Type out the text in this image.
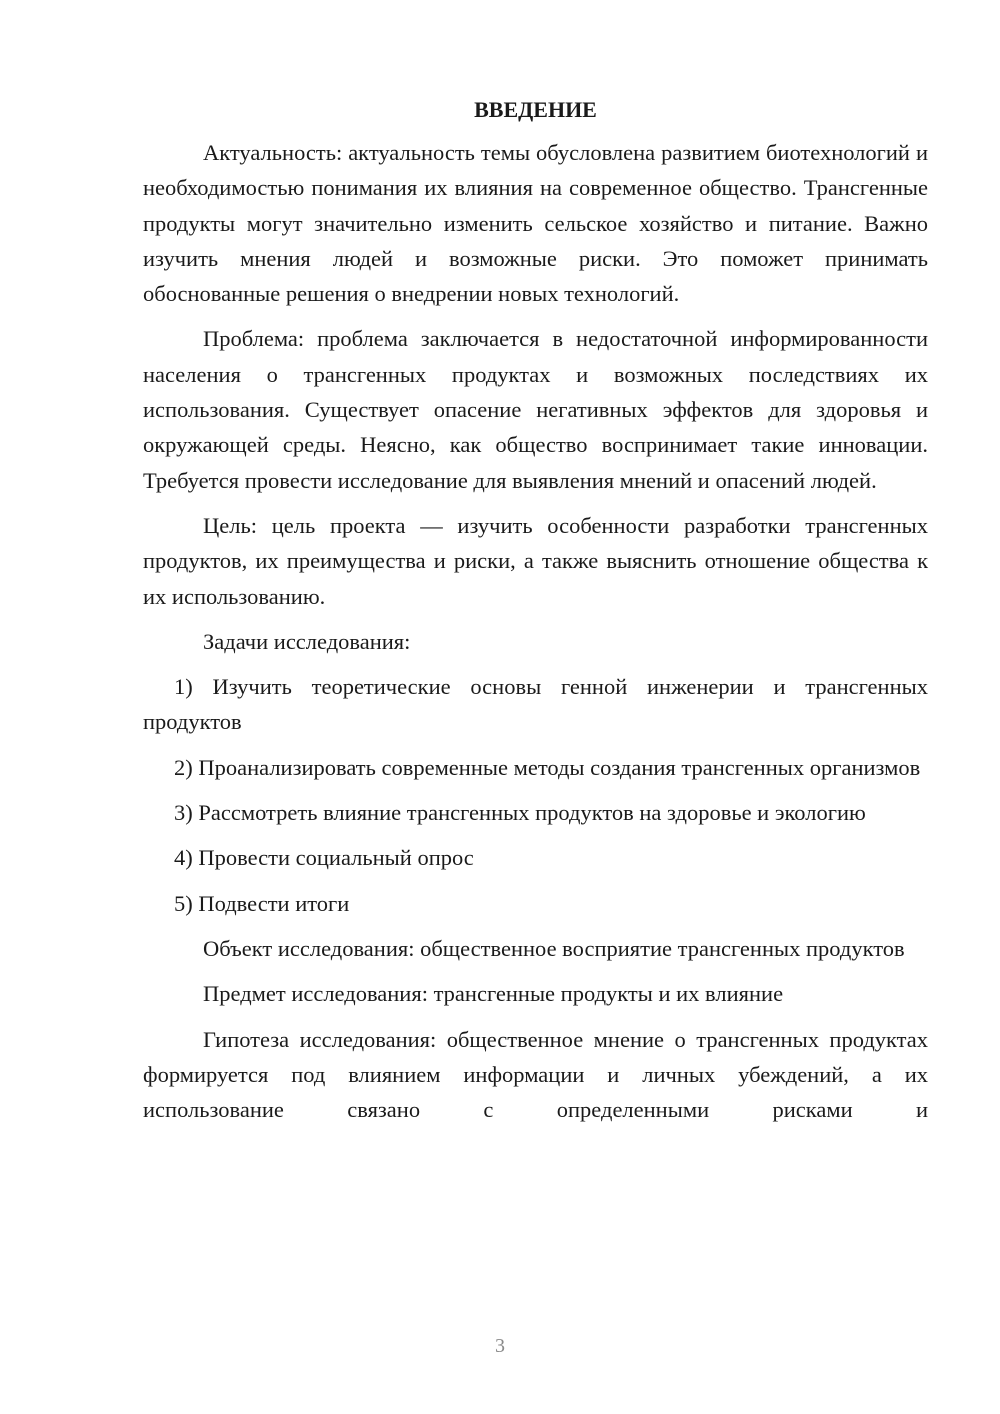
ВВЕДЕНИЕ

Актуальность: актуальность темы обусловлена развитием биотехнологий и необходимостью понимания их влияния на современное общество. Трансгенные продукты могут значительно изменить сельское хозяйство и питание. Важно изучить мнения людей и возможные риски. Это поможет принимать обоснованные решения о внедрении новых технологий.

Проблема: проблема заключается в недостаточной информированности населения о трансгенных продуктах и возможных последствиях их использования. Существует опасение негативных эффектов для здоровья и окружающей среды. Неясно, как общество воспринимает такие инновации. Требуется провести исследование для выявления мнений и опасений людей.

Цель: цель проекта — изучить особенности разработки трансгенных продуктов, их преимущества и риски, а также выяснить отношение общества к их использованию.

Задачи исследования:

1) Изучить теоретические основы генной инженерии и трансгенных продуктов

2) Проанализировать современные методы создания трансгенных организмов

3) Рассмотреть влияние трансгенных продуктов на здоровье и экологию

4) Провести социальный опрос

5) Подвести итоги

Объект исследования: общественное восприятие трансгенных продуктов

Предмет исследования: трансгенные продукты и их влияние

Гипотеза исследования: общественное мнение о трансгенных продуктах формируется под влиянием информации и личных убеждений, а их использование связано с определенными рисками и

3
